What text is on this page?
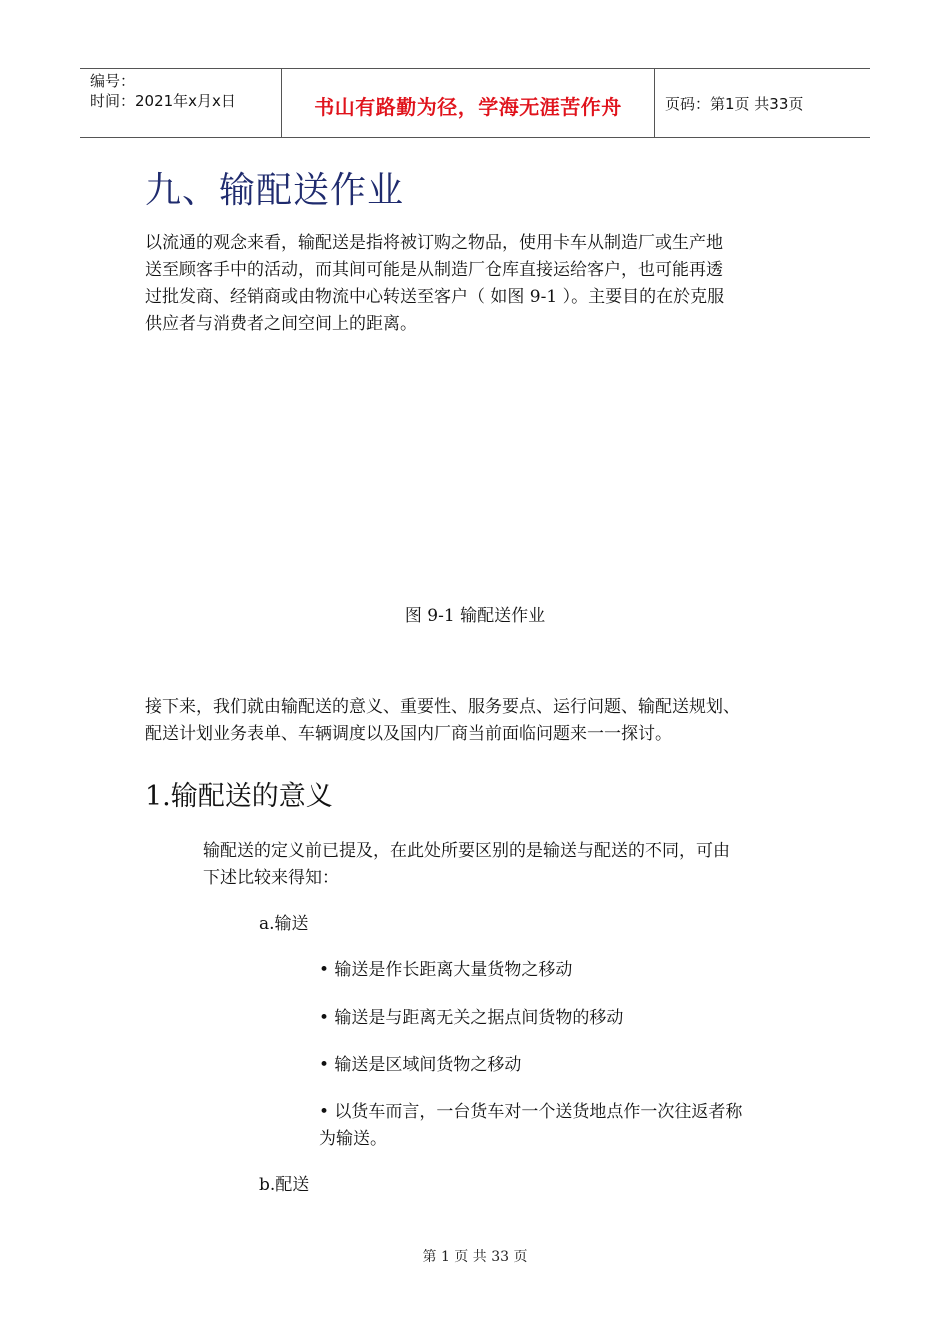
编号：
时间：2021年x月x日	书山有路勤为径，学海无涯苦作舟	页码：第1页 共33页
九、输配送作业

以流通的观念来看，输配送是指将被订购之物品，使用卡车从制造厂或生产地

送至顾客手中的活动，而其间可能是从制造厂仓库直接运给客户，也可能再透

过批发商、经销商或由物流中心转送至客户（ 如图 9-1 ）。主要目的在於克服

供应者与消费者之间空间上的距离。

图 9-1 输配送作业

接下来，我们就由输配送的意义、重要性、服务要点、运行问题、输配送规划、

配送计划业务表单、车辆调度以及国内厂商当前面临问题来一一探讨。

1.输配送的意义

输配送的定义前已提及，在此处所要区别的是输送与配送的不同，可由

下述比较来得知：

a.输送

• 输送是作长距离大量货物之移动

• 输送是与距离无关之据点间货物的移动

• 输送是区域间货物之移动

• 以货车而言，一台货车对一个送货地点作一次往返者称

为输送。

b.配送

第 1 页 共 33 页
